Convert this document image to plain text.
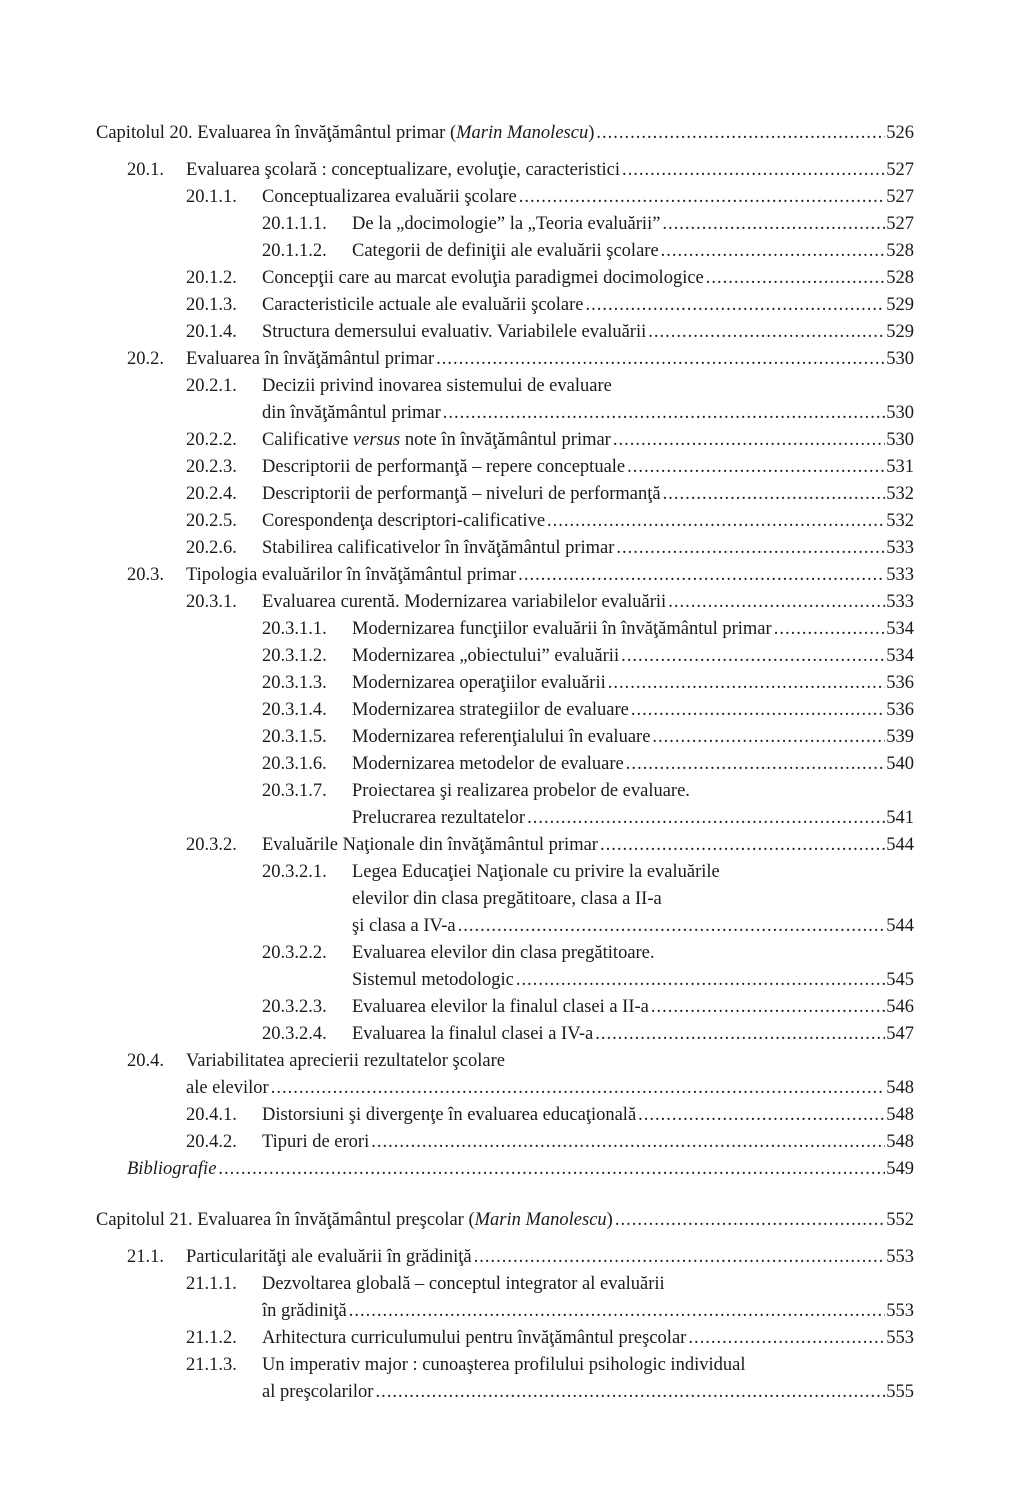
Capitolul 20. Evaluarea în învăţământul primar (Marin Manolescu) .....	526
20.1. Evaluarea şcolară : conceptualizare, evoluţie, caracteristici .....	527
20.1.1. Conceptualizarea evaluării şcolare .....	527
20.1.1.1. De la „docimologie” la „Teoria evaluării” .....	527
20.1.1.2. Categorii de definiţii ale evaluării şcolare .....	528
20.1.2. Concepţii care au marcat evoluţia paradigmei docimologice .....	528
20.1.3. Caracteristicile actuale ale evaluării şcolare .....	529
20.1.4. Structura demersului evaluativ. Variabilele evaluării .....	529
20.2. Evaluarea în învăţământul primar .....	530
20.2.1. Decizii privind inovarea sistemului de evaluare
din învăţământul primar .....	530
20.2.2. Calificative versus note în învăţământul primar .....	530
20.2.3. Descriptorii de performanţă – repere conceptuale .....	531
20.2.4. Descriptorii de performanţă – niveluri de performanţă .....	532
20.2.5. Corespondenţa descriptori-calificative .....	532
20.2.6. Stabilirea calificativelor în învăţământul primar .....	533
20.3. Tipologia evaluărilor în învăţământul primar .....	533
20.3.1. Evaluarea curentă. Modernizarea variabilelor evaluării .....	533
20.3.1.1. Modernizarea funcţiilor evaluării în învăţământul primar .....	534
20.3.1.2. Modernizarea „obiectului” evaluării .....	534
20.3.1.3. Modernizarea operaţiilor evaluării .....	536
20.3.1.4. Modernizarea strategiilor de evaluare .....	536
20.3.1.5. Modernizarea referenţialului în evaluare .....	539
20.3.1.6. Modernizarea metodelor de evaluare .....	540
20.3.1.7. Proiectarea şi realizarea probelor de evaluare.
Prelucrarea rezultatelor .....	541
20.3.2. Evaluările Naţionale din învăţământul primar .....	544
20.3.2.1. Legea Educaţiei Naţionale cu privire la evaluările
elevilor din clasa pregătitoare, clasa a II-a
şi clasa a IV-a .....	544
20.3.2.2. Evaluarea elevilor din clasa pregătitoare.
Sistemul metodologic .....	545
20.3.2.3. Evaluarea elevilor la finalul clasei a II-a .....	546
20.3.2.4. Evaluarea la finalul clasei a IV-a .....	547
20.4. Variabilitatea aprecierii rezultatelor şcolare
ale elevilor .....	548
20.4.1. Distorsiuni şi divergenţe în evaluarea educaţională .....	548
20.4.2. Tipuri de erori .....	548
Bibliografie .....	549
Capitolul 21. Evaluarea în învăţământul preşcolar (Marin Manolescu) .....	552
21.1. Particularităţi ale evaluării în grădiniţă .....	553
21.1.1. Dezvoltarea globală – conceptul integrator al evaluării
în grădiniţă .....	553
21.1.2. Arhitectura curriculumului pentru învăţământul preşcolar .....	553
21.1.3. Un imperativ major : cunoaşterea profilului psihologic individual
al preşcolarilor .....	555
